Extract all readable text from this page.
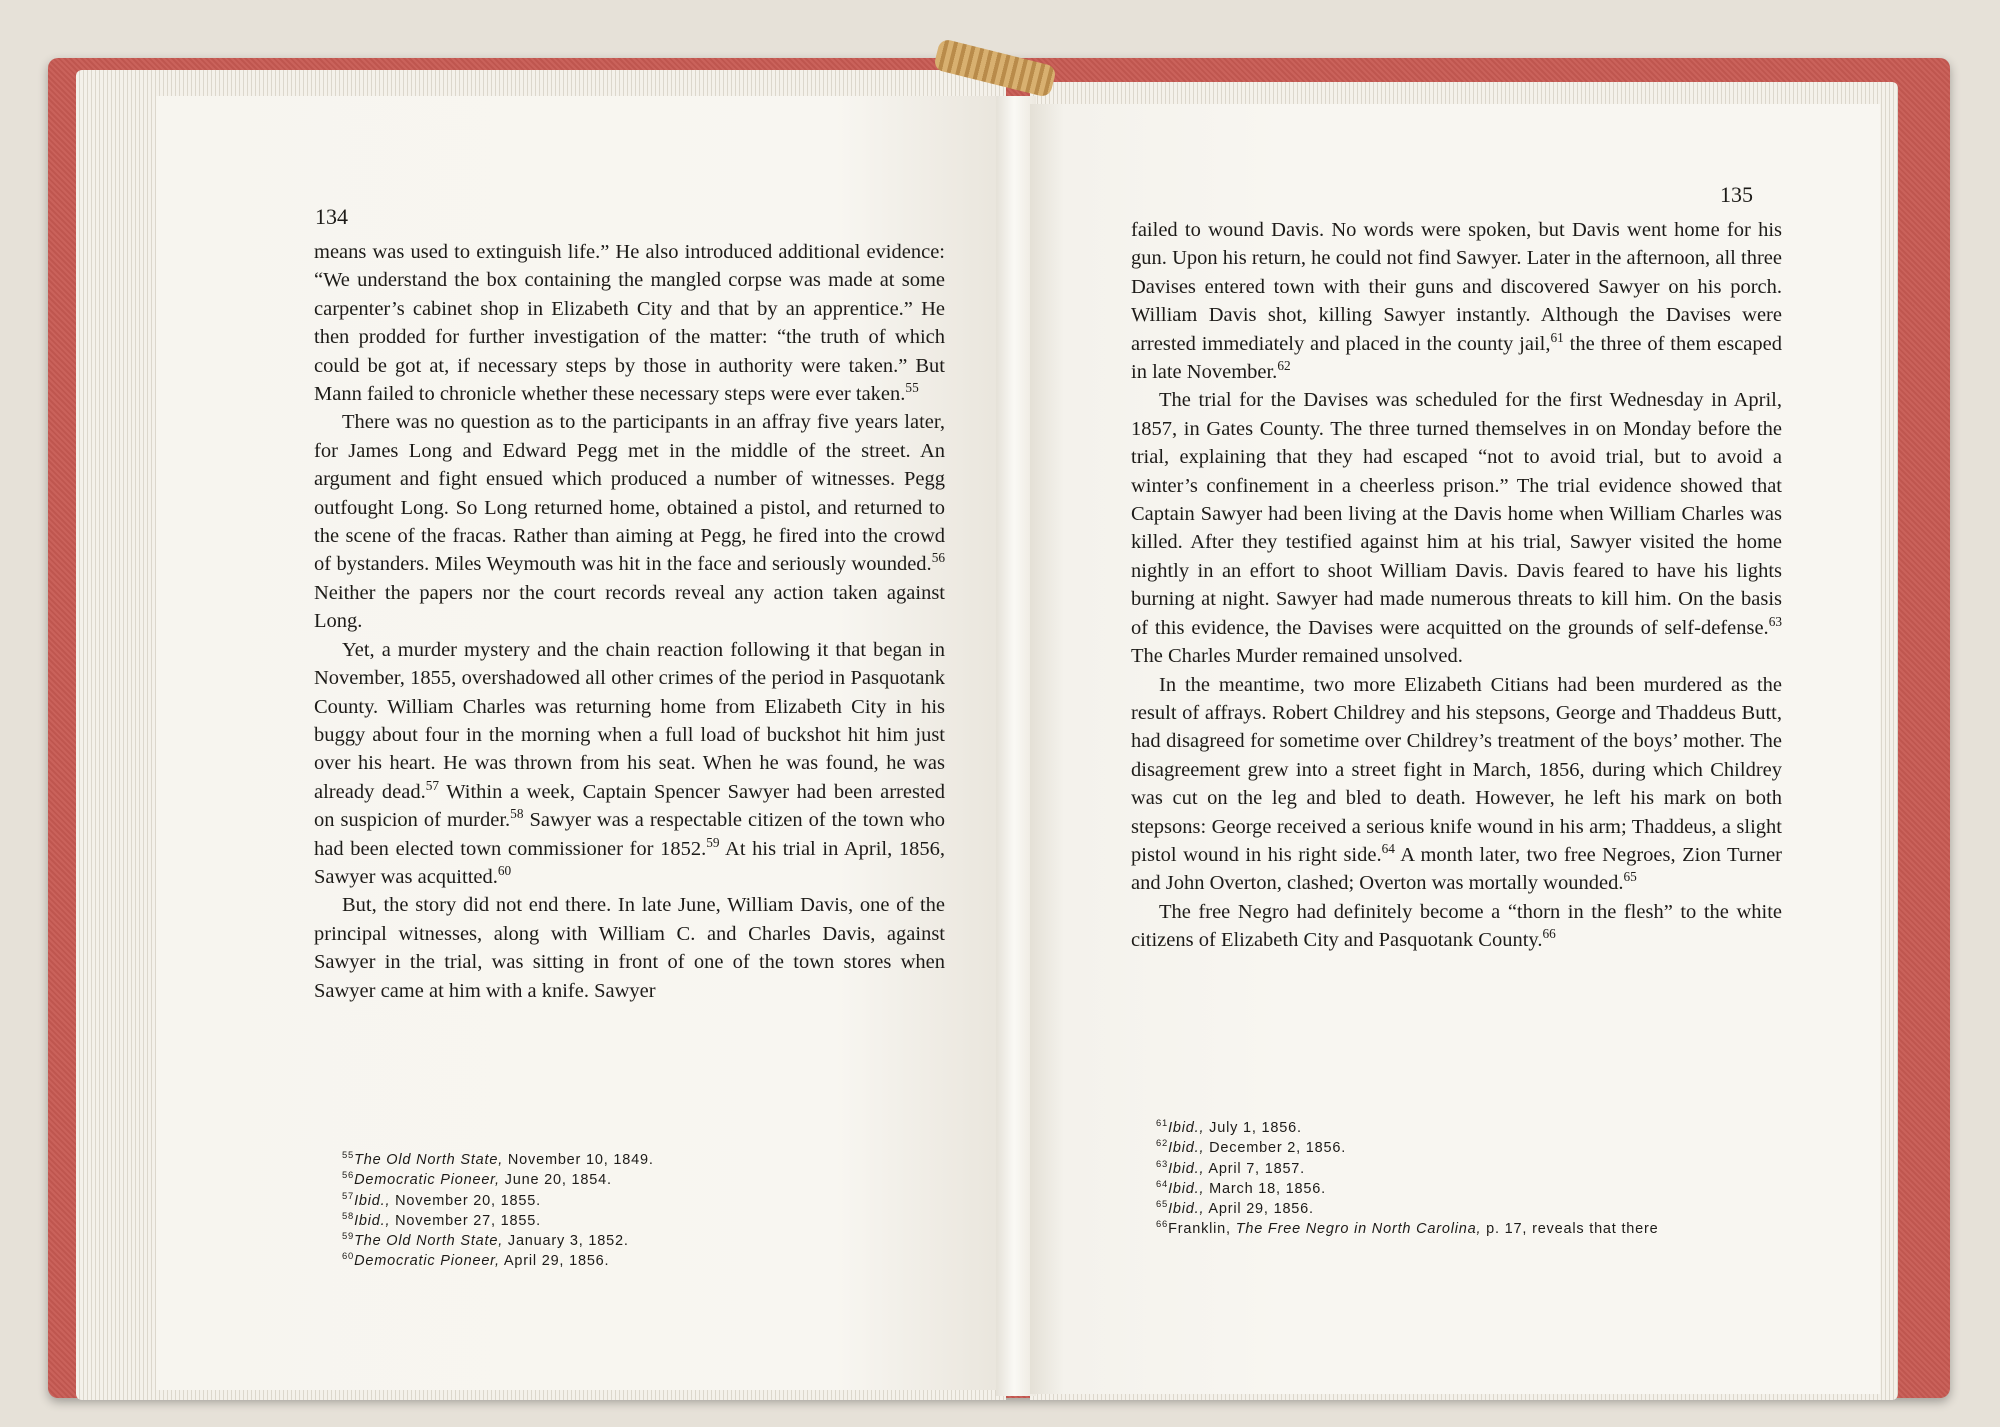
134

means was used to extinguish life.” He also introduced additional evidence: “We understand the box containing the mangled corpse was made at some carpenter’s cabinet shop in Elizabeth City and that by an apprentice.” He then prodded for further investigation of the matter: “the truth of which could be got at, if necessary steps by those in authority were taken.” But Mann failed to chronicle whether these necessary steps were ever taken.$^{55}$

There was no question as to the participants in an affray five years later, for James Long and Edward Pegg met in the middle of the street. An argument and fight ensued which produced a number of witnesses. Pegg outfought Long. So Long returned home, obtained a pistol, and returned to the scene of the fracas. Rather than aiming at Pegg, he fired into the crowd of bystanders. Miles Weymouth was hit in the face and seriously wounded.$^{56}$ Neither the papers nor the court records reveal any action taken against Long.

Yet, a murder mystery and the chain reaction following it that began in November, 1855, overshadowed all other crimes of the period in Pasquotank County. William Charles was returning home from Elizabeth City in his buggy about four in the morning when a full load of buckshot hit him just over his heart. He was thrown from his seat. When he was found, he was already dead.$^{57}$ Within a week, Captain Spencer Sawyer had been arrested on suspicion of murder.$^{58}$ Sawyer was a respectable citizen of the town who had been elected town commissioner for 1852.59 At his trial in April, 1856, Sawyer was acquitted.$^{60}$

But, the story did not end there. In late June, William Davis, one of the principal witnesses, along with William C. and Charles Davis, against Sawyer in the trial, was sitting in front of one of the town stores when Sawyer came at him with a knife. Sawyer

$^{55}$The Old North State, November 10, 1849.
$^{56}$Democratic Pioneer, June 20, 1854.
$^{57}$Ibid., November 20, 1855.
$^{58}$Ibid., November 27, 1855.
$^{59}$The Old North State, January 3, 1852.
$^{60}$Democratic Pioneer, April 29, 1856.
135

failed to wound Davis. No words were spoken, but Davis went home for his gun. Upon his return, he could not find Sawyer. Later in the afternoon, all three Davises entered town with their guns and discovered Sawyer on his porch. William Davis shot, killing Sawyer instantly. Although the Davises were arrested immediately and placed in the county jail,$^{61}$ the three of them escaped in late November.$^{62}$

The trial for the Davises was scheduled for the first Wednesday in April, 1857, in Gates County. The three turned themselves in on Monday before the trial, explaining that they had escaped “not to avoid trial, but to avoid a winter’s confinement in a cheerless prison.” The trial evidence showed that Captain Sawyer had been living at the Davis home when William Charles was killed. After they testified against him at his trial, Sawyer visited the home nightly in an effort to shoot William Davis. Davis feared to have his lights burning at night. Sawyer had made numerous threats to kill him. On the basis of this evidence, the Davises were acquitted on the grounds of self-defense.$^{63}$ The Charles Murder remained unsolved.

In the meantime, two more Elizabeth Citians had been murdered as the result of affrays. Robert Childrey and his stepsons, George and Thaddeus Butt, had disagreed for sometime over Childrey’s treatment of the boys’ mother. The disagreement grew into a street fight in March, 1856, during which Childrey was cut on the leg and bled to death. However, he left his mark on both stepsons: George received a serious knife wound in his arm; Thaddeus, a slight pistol wound in his right side.$^{64}$ A month later, two free Negroes, Zion Turner and John Overton, clashed; Overton was mortally wounded.$^{65}$

The free Negro had definitely become a “thorn in the flesh” to the white citizens of Elizabeth City and Pasquotank County.$^{66}$

$^{61}$Ibid., July 1, 1856.
$^{62}$Ibid., December 2, 1856.
$^{63}$Ibid., April 7, 1857.
$^{64}$Ibid., March 18, 1856.
$^{65}$Ibid., April 29, 1856.
$^{66}$Franklin, The Free Negro in North Carolina, p. 17, reveals that there
